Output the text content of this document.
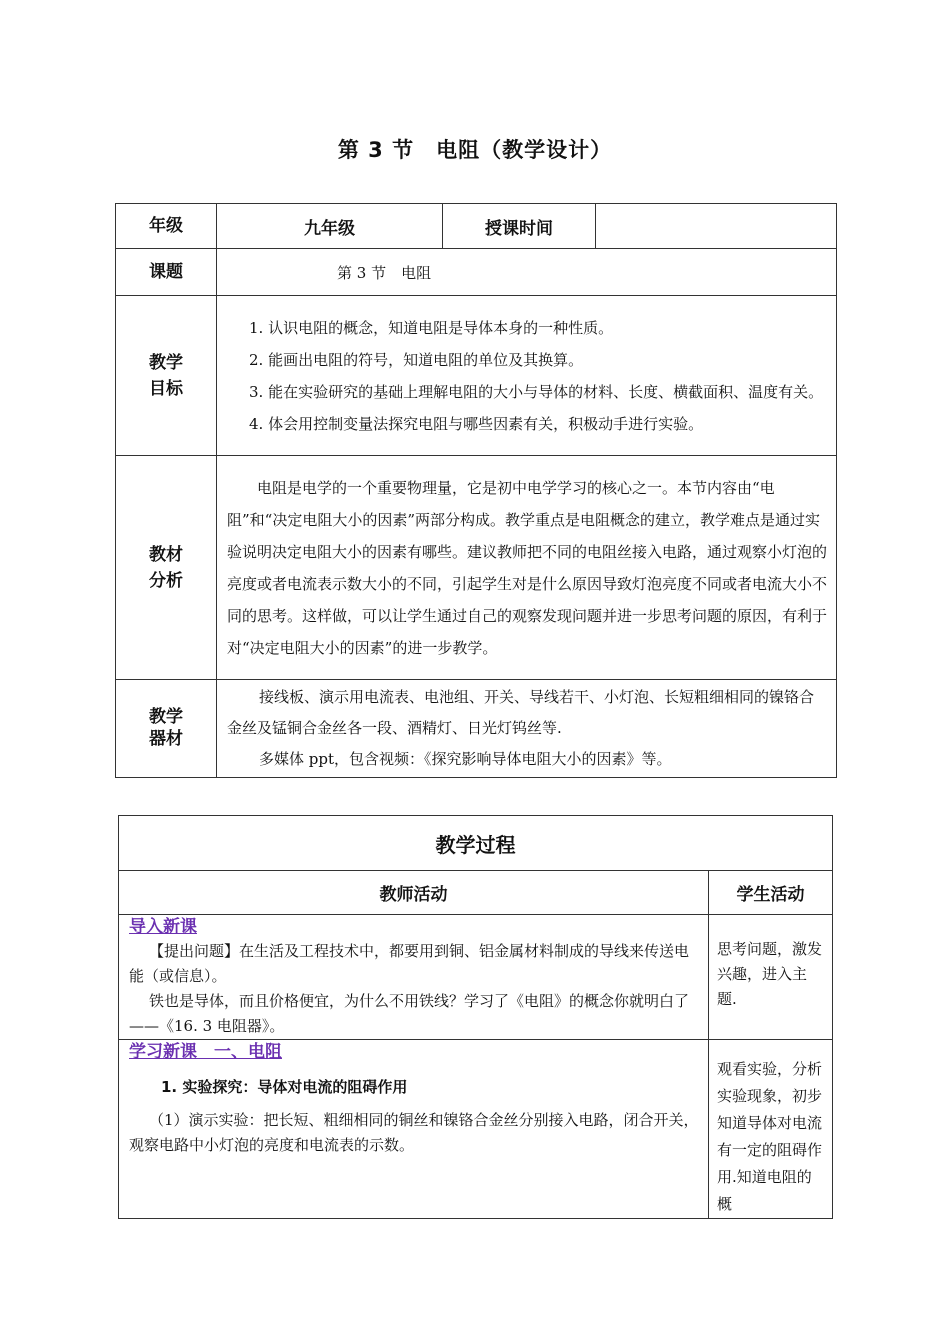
第 3 节　电阻（教学设计）
年级	九年级	授课时间	
课题	第 3 节　电阻		
教学目标	1. 认识电阻的概念，知道电阻是导体本身的一种性质。

2. 能画出电阻的符号，知道电阻的单位及其换算。

3. 能在实验研究的基础上理解电阻的大小与导体的材料、长度、横截面积、温度有关。

4. 体会用控制变量法探究电阻与哪些因素有关，积极动手进行实验。		

教材分析	电阻是电学的一个重要物理量，它是初中电学学习的核心之一。本节内容由“电阻”和“决定电阻大小的因素”两部分构成。教学重点是电阻概念的建立，教学难点是通过实验说明决定电阻大小的因素有哪些。建议教师把不同的电阻丝接入电路，通过观察小灯泡的亮度或者电流表示数大小的不同，引起学生对是什么原因导致灯泡亮度不同或者电流大小不同的思考。这样做，可以让学生通过自己的观察发现问题并进一步思考问题的原因，有利于对“决定电阻大小的因素”的进一步教学。		

教学器材	接线板、演示用电流表、电池组、开关、导线若干、小灯泡、长短粗细相同的镍铬合金丝及锰铜合金丝各一段、酒精灯、日光灯钨丝等.

多媒体 ppt，包含视频：《探究影响导体电阻大小的因素》等。		

教学过程	
教师活动	学生活动

导入新课

【提出问题】在生活及工程技术中，都要用到铜、铝金属材料制成的导线来传送电能（或信息）。

铁也是导体，而且价格便宜，为什么不用铁线？学习了《电阻》的概念你就明白了——《16. 3 电阻器》。	思考问题，激发兴趣，进入主题.

学习新课　一、电阻
1. 实验探究：导体对电流的阻碍作用

（1）演示实验：把长短、粗细相同的铜丝和镍铬合金丝分别接入电路，闭合开关，观察电路中小灯泡的亮度和电流表的示数。	观看实验，分析实验现象，初步知道导体对电流有一定的阻碍作用.知道电阻的概
